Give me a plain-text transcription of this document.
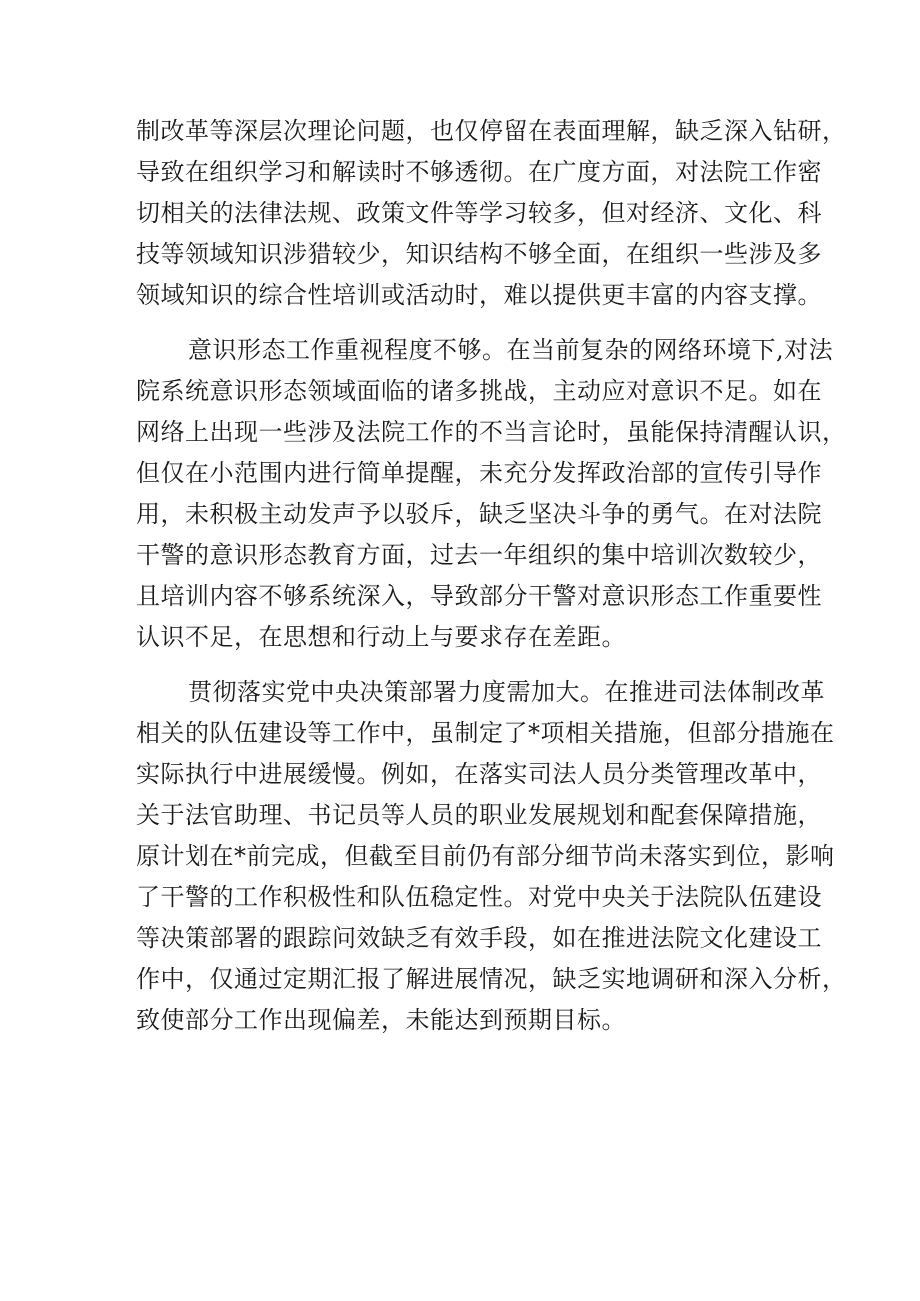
制改革等深层次理论问题，也仅停留在表面理解，缺乏深入钻研，
导致在组织学习和解读时不够透彻。在广度方面，对法院工作密
切相关的法律法规、政策文件等学习较多，但对经济、文化、科
技等领域知识涉猎较少，知识结构不够全面，在组织一些涉及多
领域知识的综合性培训或活动时，难以提供更丰富的内容支撑。
意识形态工作重视程度不够。在当前复杂的网络环境下,对法
院系统意识形态领域面临的诸多挑战，主动应对意识不足。如在
网络上出现一些涉及法院工作的不当言论时，虽能保持清醒认识，
但仅在小范围内进行简单提醒，未充分发挥政治部的宣传引导作
用，未积极主动发声予以驳斥，缺乏坚决斗争的勇气。在对法院
干警的意识形态教育方面，过去一年组织的集中培训次数较少，
且培训内容不够系统深入，导致部分干警对意识形态工作重要性
认识不足，在思想和行动上与要求存在差距。
贯彻落实党中央决策部署力度需加大。在推进司法体制改革
相关的队伍建设等工作中，虽制定了*项相关措施，但部分措施在
实际执行中进展缓慢。例如，在落实司法人员分类管理改革中，
关于法官助理、书记员等人员的职业发展规划和配套保障措施，
原计划在*前完成，但截至目前仍有部分细节尚未落实到位，影响
了干警的工作积极性和队伍稳定性。对党中央关于法院队伍建设
等决策部署的跟踪问效缺乏有效手段，如在推进法院文化建设工
作中，仅通过定期汇报了解进展情况，缺乏实地调研和深入分析，
致使部分工作出现偏差，未能达到预期目标。
